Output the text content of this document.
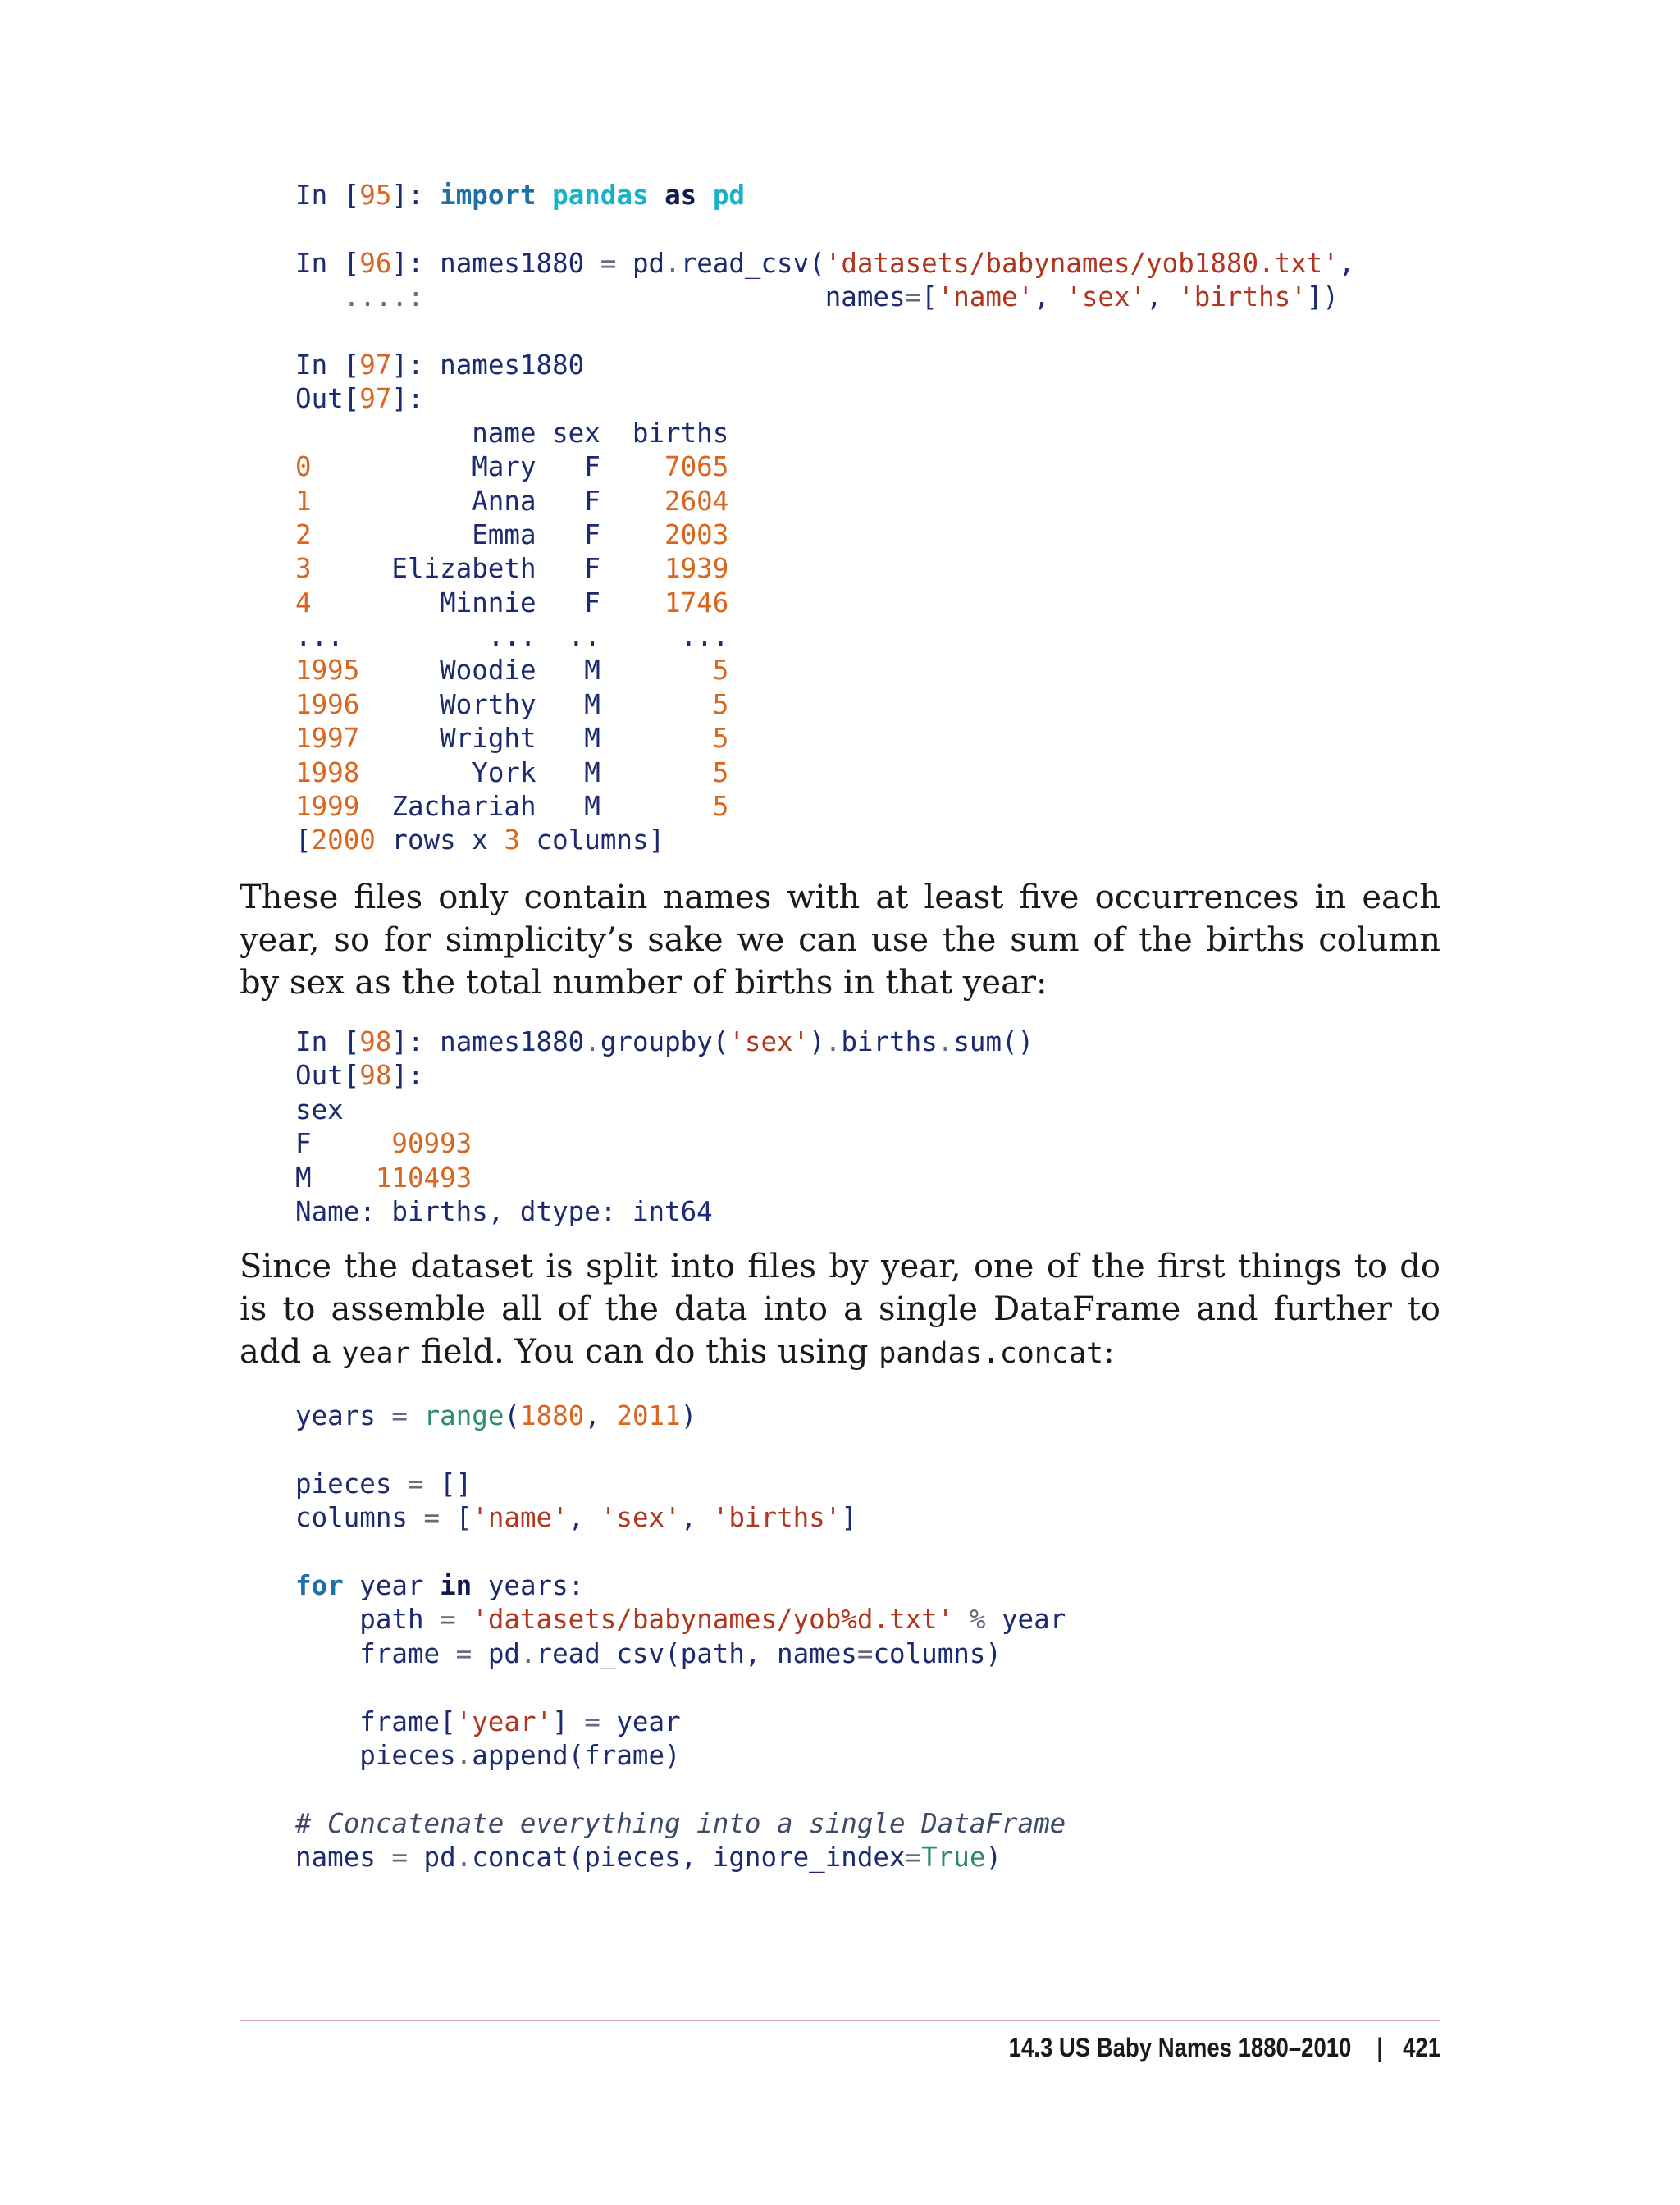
In [95]: import pandas as pd

In [96]: names1880 = pd.read_csv('datasets/babynames/yob1880.txt',
....:                         names=['name', 'sex', 'births'])

In [97]: names1880
Out[97]:
name sex  births
0          Mary   F    7065
1          Anna   F    2604
2          Emma   F    2003
3     Elizabeth   F    1939
4        Minnie   F    1746
...         ...  ..     ...
1995     Woodie   M       5
1996     Worthy   M       5
1997     Wright   M       5
1998       York   M       5
1999  Zachariah   M       5
[2000 rows x 3 columns]

These files only contain names with at least five occurrences in each year, so for simplicity’s sake we can use the sum of the births column by sex as the total number of births in that year:

In [98]: names1880.groupby('sex').births.sum()
Out[98]:
sex
F     90993
M    110493
Name: births, dtype: int64

Since the dataset is split into files by year, one of the first things to do is to assemble all of the data into a single DataFrame and further to add a year field. You can do this using pandas.concat:

years = range(1880, 2011)

pieces = []
columns = ['name', 'sex', 'births']

for year in years:
path = 'datasets/babynames/yob%d.txt' % year
frame = pd.read_csv(path, names=columns)

frame['year'] = year
pieces.append(frame)

# Concatenate everything into a single DataFrame
names = pd.concat(pieces, ignore_index=True)
14.3 US Baby Names 1880–2010 | 421
